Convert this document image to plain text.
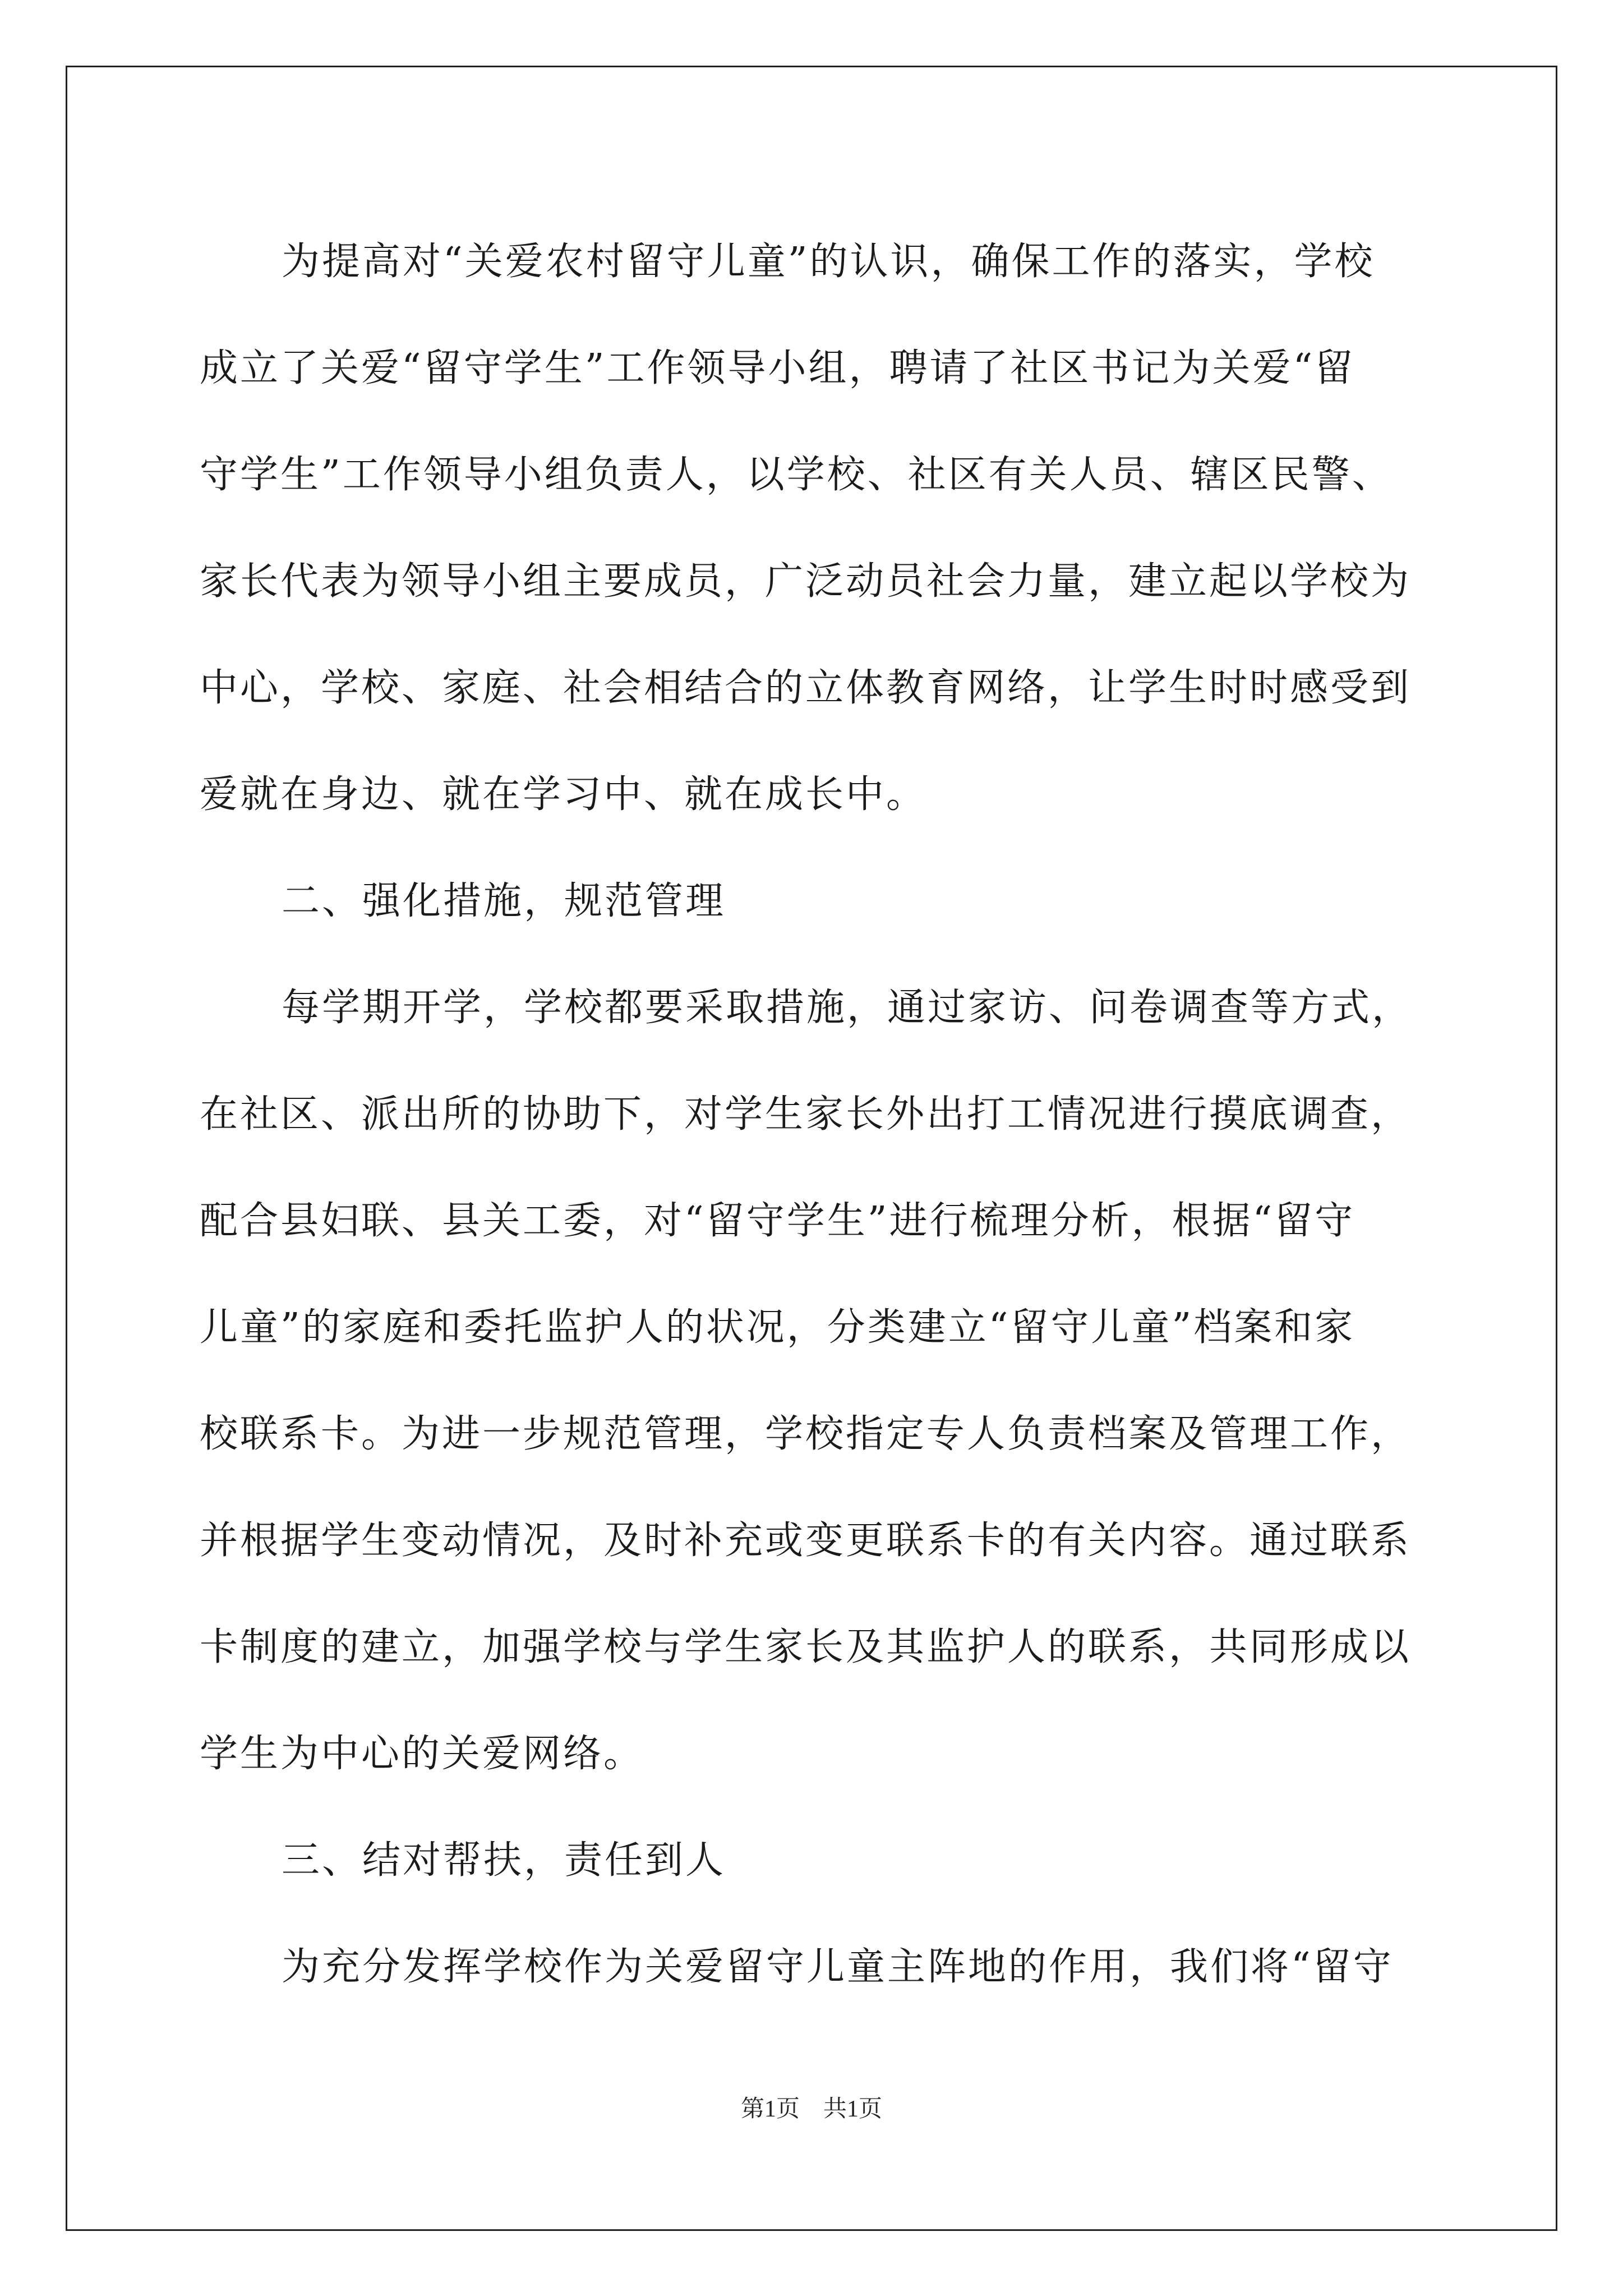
为提高对“关爱农村留守儿童”的认识，确保工作的落实，学校
成立了关爱“留守学生”工作领导小组，聘请了社区书记为关爱“留
守学生”工作领导小组负责人，以学校、社区有关人员、辖区民警、
家长代表为领导小组主要成员，广泛动员社会力量，建立起以学校为
中心，学校、家庭、社会相结合的立体教育网络，让学生时时感受到
爱就在身边、就在学习中、就在成长中。
二、强化措施，规范管理
每学期开学，学校都要采取措施，通过家访、问卷调查等方式，
在社区、派出所的协助下，对学生家长外出打工情况进行摸底调查，
配合县妇联、县关工委，对“留守学生”进行梳理分析，根据“留守
儿童”的家庭和委托监护人的状况，分类建立“留守儿童”档案和家
校联系卡。为进一步规范管理，学校指定专人负责档案及管理工作，
并根据学生变动情况，及时补充或变更联系卡的有关内容。通过联系
卡制度的建立，加强学校与学生家长及其监护人的联系，共同形成以
学生为中心的关爱网络。
三、结对帮扶，责任到人
为充分发挥学校作为关爱留守儿童主阵地的作用，我们将“留守
第1页 共1页
